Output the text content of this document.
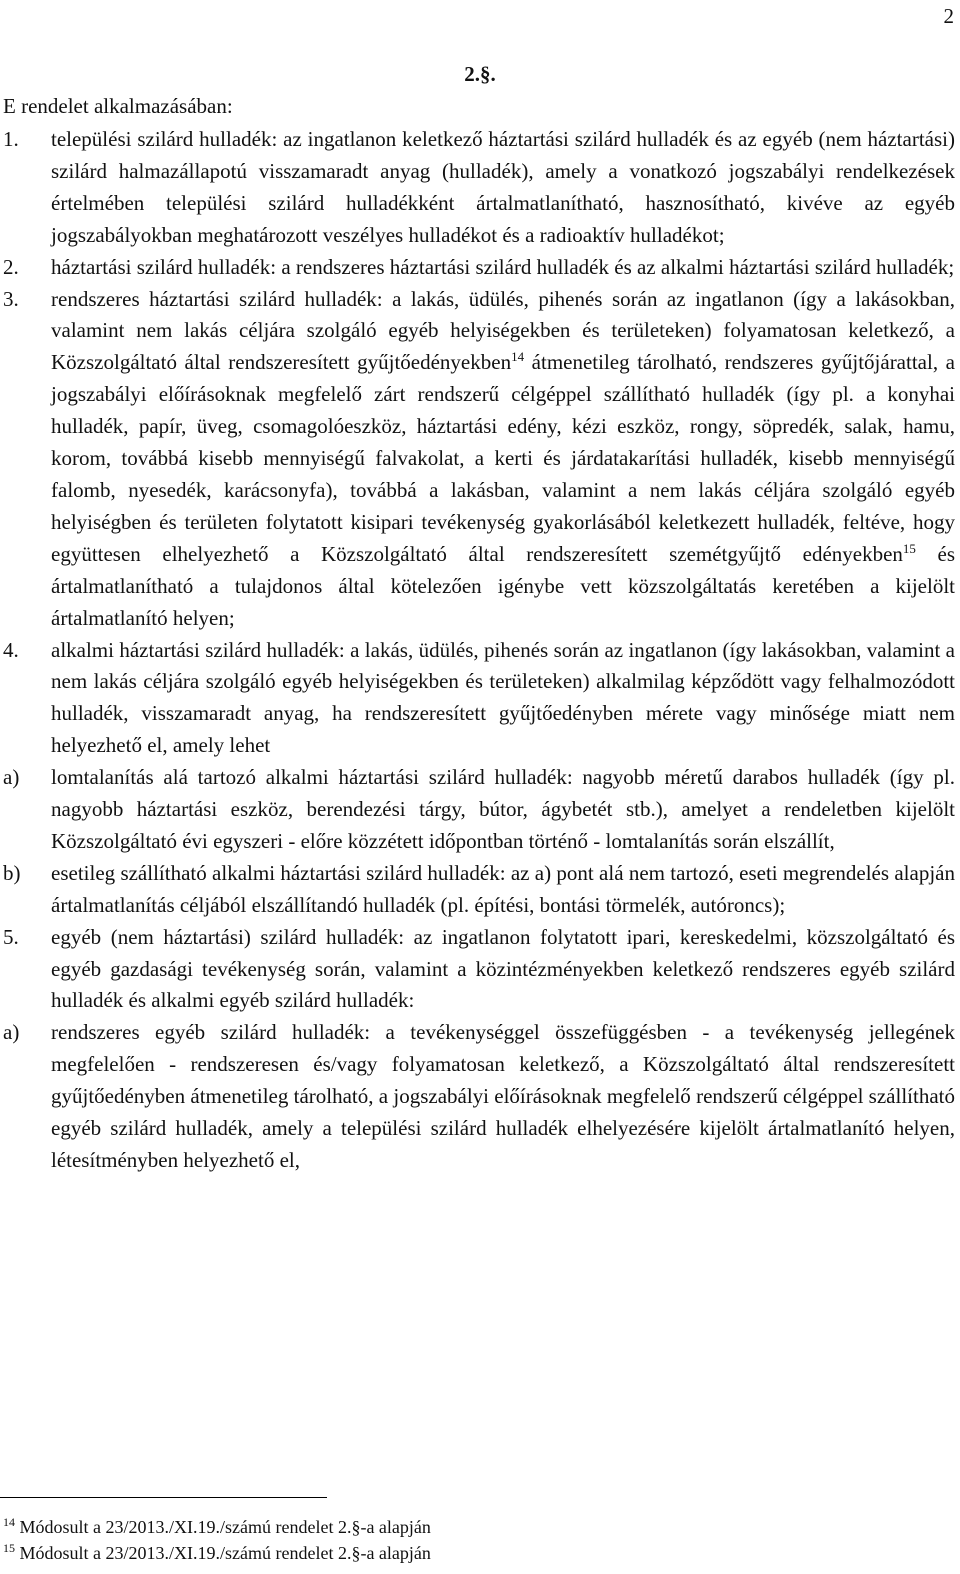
2
2.§.
E rendelet alkalmazásában:
1.	települési szilárd hulladék: az ingatlanon keletkező háztartási szilárd hulladék és az egyéb (nem háztartási) szilárd halmazállapotú visszamaradt anyag (hulladék), amely a vonatkozó jogszabályi rendelkezések értelmében települési szilárd hulladékként ártalmatlanítható, hasznosítható, kivéve az egyéb jogszabályokban meghatározott veszélyes hulladékot és a radioaktív hulladékot;
2.	háztartási szilárd hulladék: a rendszeres háztartási szilárd hulladék és az alkalmi háztartási szilárd hulladék;
3.	rendszeres háztartási szilárd hulladék: a lakás, üdülés, pihenés során az ingatlanon (így a lakásokban, valamint nem lakás céljára szolgáló egyéb helyiségekben és területeken) folyamatosan keletkező, a Közszolgáltató által rendszeresített gyűjtőedényekben$^{14}$ átmenetileg tárolható, rendszeres gyűjtőjárattal, a jogszabályi előírásoknak megfelelő zárt rendszerű célgéppel szállítható hulladék (így pl. a konyhai hulladék, papír, üveg, csomagolóeszköz, háztartási edény, kézi eszköz, rongy, söpredék, salak, hamu, korom, továbbá kisebb mennyiségű falvakolat, a kerti és járdatakarítási hulladék, kisebb mennyiségű falomb, nyesedék, karácsonyfa), továbbá a lakásban, valamint a nem lakás céljára szolgáló egyéb helyiségben és területen folytatott kisipari tevékenység gyakorlásából keletkezett hulladék, feltéve, hogy együttesen elhelyezhető a Közszolgáltató által rendszeresített szemétgyűjtő edényekben$^{15}$ és ártalmatlanítható a tulajdonos által kötelezően igénybe vett közszolgáltatás keretében a kijelölt ártalmatlanító helyen;
4.	alkalmi háztartási szilárd hulladék: a lakás, üdülés, pihenés során az ingatlanon (így lakásokban, valamint a nem lakás céljára szolgáló egyéb helyiségekben és területeken) alkalmilag képződött vagy felhalmozódott hulladék, visszamaradt anyag, ha rendszeresített gyűjtőedényben mérete vagy minősége miatt nem helyezhető el, amely lehet
a)	lomtalanítás alá tartozó alkalmi háztartási szilárd hulladék: nagyobb méretű darabos hulladék (így pl. nagyobb háztartási eszköz, berendezési tárgy, bútor, ágybetét stb.), amelyet a rendeletben kijelölt Közszolgáltató évi egyszeri - előre közzétett időpontban történő - lomtalanítás során elszállít,
b)	esetileg szállítható alkalmi háztartási szilárd hulladék: az a) pont alá nem tartozó, eseti megrendelés alapján ártalmatlanítás céljából elszállítandó hulladék (pl. építési, bontási törmelék, autóroncs);
5.	egyéb (nem háztartási) szilárd hulladék: az ingatlanon folytatott ipari, kereskedelmi, közszolgáltató és egyéb gazdasági tevékenység során, valamint a közintézményekben keletkező rendszeres egyéb szilárd hulladék és alkalmi egyéb szilárd hulladék:
a)	rendszeres egyéb szilárd hulladék: a tevékenységgel összefüggésben - a tevékenység jellegének megfelelően - rendszeresen és/vagy folyamatosan keletkező, a Közszolgáltató által rendszeresített gyűjtőedényben átmenetileg tárolható, a jogszabályi előírásoknak megfelelő rendszerű célgéppel szállítható egyéb szilárd hulladék, amely a települési szilárd hulladék elhelyezésére kijelölt ártalmatlanító helyen, létesítményben helyezhető el,
$^{14}$ Módosult a 23/2013./XI.19./számú rendelet 2.§-a alapján
$^{15}$ Módosult a 23/2013./XI.19./számú rendelet 2.§-a alapján
